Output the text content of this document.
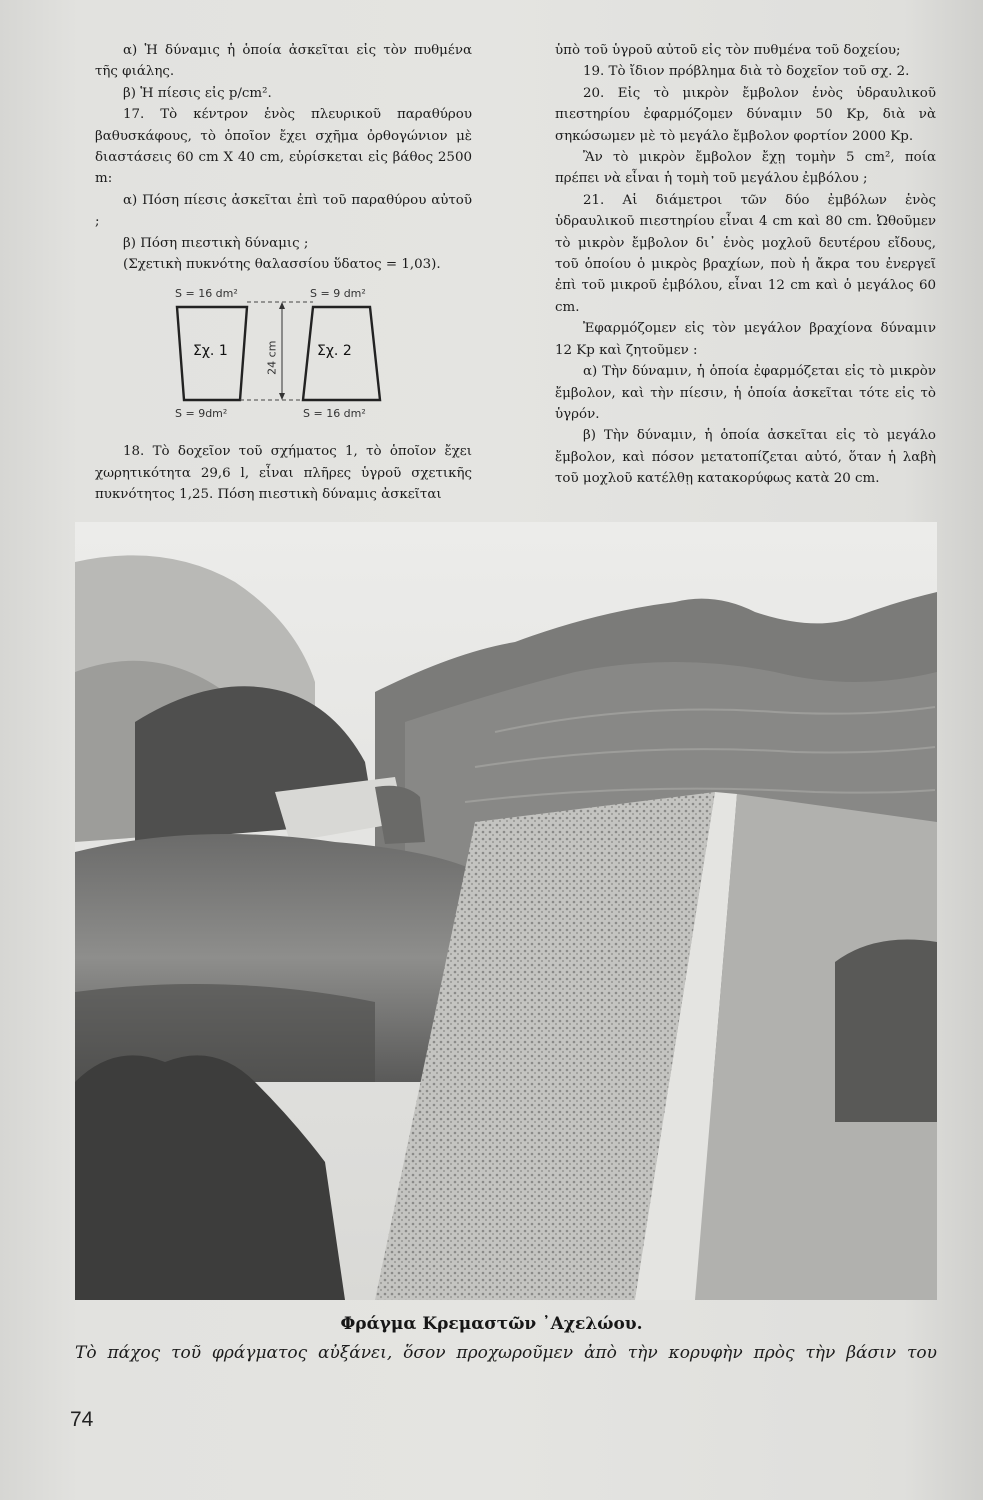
α) Ἡ δύναμις ἡ ὁποία ἀσκεῖται εἰς τὸν πυθμένα τῆς φιάλης.

β) Ἡ πίεσις εἰς p/cm².

17. Τὸ κέντρον ἑνὸς πλευρικοῦ παραθύρου βαθυσκάφους, τὸ ὁποῖον ἔχει σχῆμα ὀρθογώνιον μὲ διαστάσεις 60 cm X 40 cm, εὑρίσκεται εἰς βάθος 2500 m:

α) Πόση πίεσις ἀσκεῖται ἐπὶ τοῦ παραθύρου αὐτοῦ ;

β) Πόση πιεστικὴ δύναμις ;

(Σχετικὴ πυκνότης θαλασσίου ὕδατος = 1,03).

S = 16 dm²	S = 9 dm²
Σχ. 1	Σχ. 2
24 cm
S = 9dm²	S = 16 dm²

18. Τὸ δοχεῖον τοῦ σχήματος 1, τὸ ὁποῖον ἔχει χωρητικότητα 29,6 l, εἶναι πλῆρες ὑγροῦ σχετικῆς πυκνότητος 1,25. Πόση πιεστικὴ δύναμις ἀσκεῖται

ὑπὸ τοῦ ὑγροῦ αὐτοῦ εἰς τὸν πυθμένα τοῦ δοχείου;

19. Τὸ ἴδιον πρόβλημα διὰ τὸ δοχεῖον τοῦ σχ. 2.

20. Εἰς τὸ μικρὸν ἔμβολον ἑνὸς ὑδραυλικοῦ πιεστηρίου ἐφαρμόζομεν δύναμιν 50 Kp, διὰ νὰ σηκώσωμεν μὲ τὸ μεγάλο ἔμβολον φορτίον 2000 Kp.

Ἂν τὸ μικρὸν ἔμβολον ἔχῃ τομὴν 5 cm², ποία πρέπει νὰ εἶναι ἡ τομὴ τοῦ μεγάλου ἐμβόλου ;

21. Αἱ διάμετροι τῶν δύο ἐμβόλων ἑνὸς ὑδραυλικοῦ πιεστηρίου εἶναι 4 cm καὶ 80 cm. Ὠθοῦμεν τὸ μικρὸν ἔμβολον δι᾿ ἑνὸς μοχλοῦ δευτέρου εἴδους, τοῦ ὁποίου ὁ μικρὸς βραχίων, ποὺ ἡ ἄκρα του ἐνεργεῖ ἐπὶ τοῦ μικροῦ ἐμβόλου, εἶναι 12 cm καὶ ὁ μεγάλος 60 cm.

Ἐφαρμόζομεν εἰς τὸν μεγάλον βραχίονα δύναμιν 12 Kp καὶ ζητοῦμεν :

α) Τὴν δύναμιν, ἡ ὁποία ἐφαρμόζεται εἰς τὸ μικρὸν ἔμβολον, καὶ τὴν πίεσιν, ἡ ὁποία ἀσκεῖται τότε εἰς τὸ ὑγρόν.

β) Τὴν δύναμιν, ἡ ὁποία ἀσκεῖται εἰς τὸ μεγάλο ἔμβολον, καὶ πόσον μετατοπίζεται αὐτό, ὅταν ἡ λαβὴ τοῦ μοχλοῦ κατέλθῃ κατακορύφως κατὰ 20 cm.

Φράγμα Κρεμαστῶν ᾿Αχελώου.
Τὸ πάχος τοῦ φράγματος αὐξάνει, ὅσον προχωροῦμεν ἀπὸ τὴν κορυφὴν πρὸς τὴν βάσιν του
74
